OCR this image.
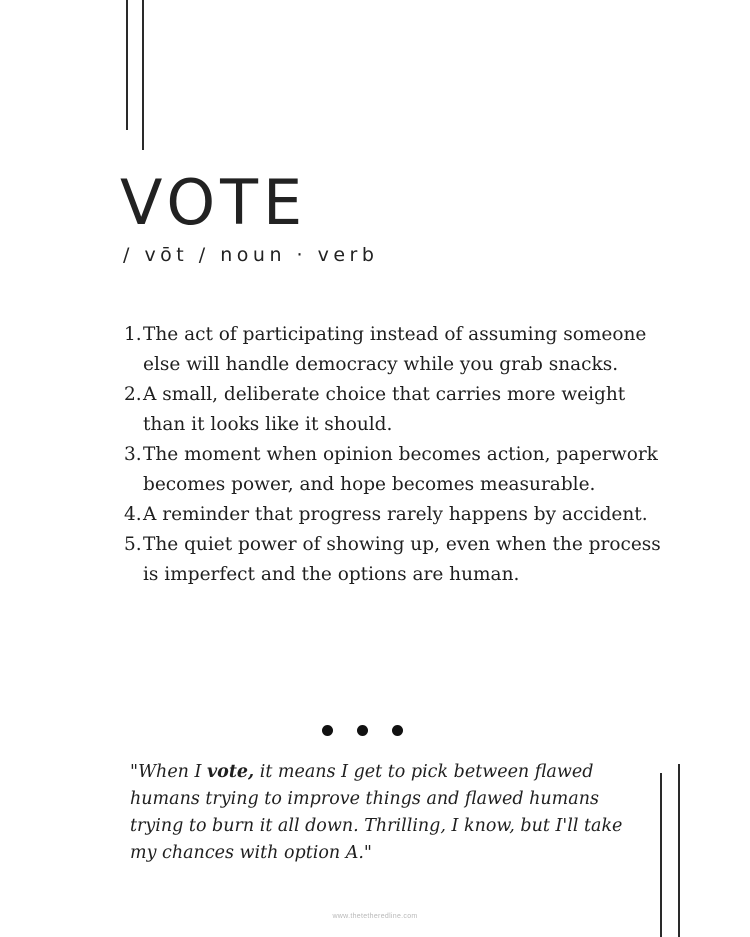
VOTE
/ vōt / noun · verb
1. The act of participating instead of assuming someone else will handle democracy while you grab snacks.
2. A small, deliberate choice that carries more weight than it looks like it should.
3. The moment when opinion becomes action, paperwork becomes power, and hope becomes measurable.
4. A reminder that progress rarely happens by accident.
5. The quiet power of showing up, even when the process is imperfect and the options are human.

"When I vote, it means I get to pick between flawed humans trying to improve things and flawed humans trying to burn it all down. Thrilling, I know, but I'll take my chances with option A."

www.thetetheredline.com
